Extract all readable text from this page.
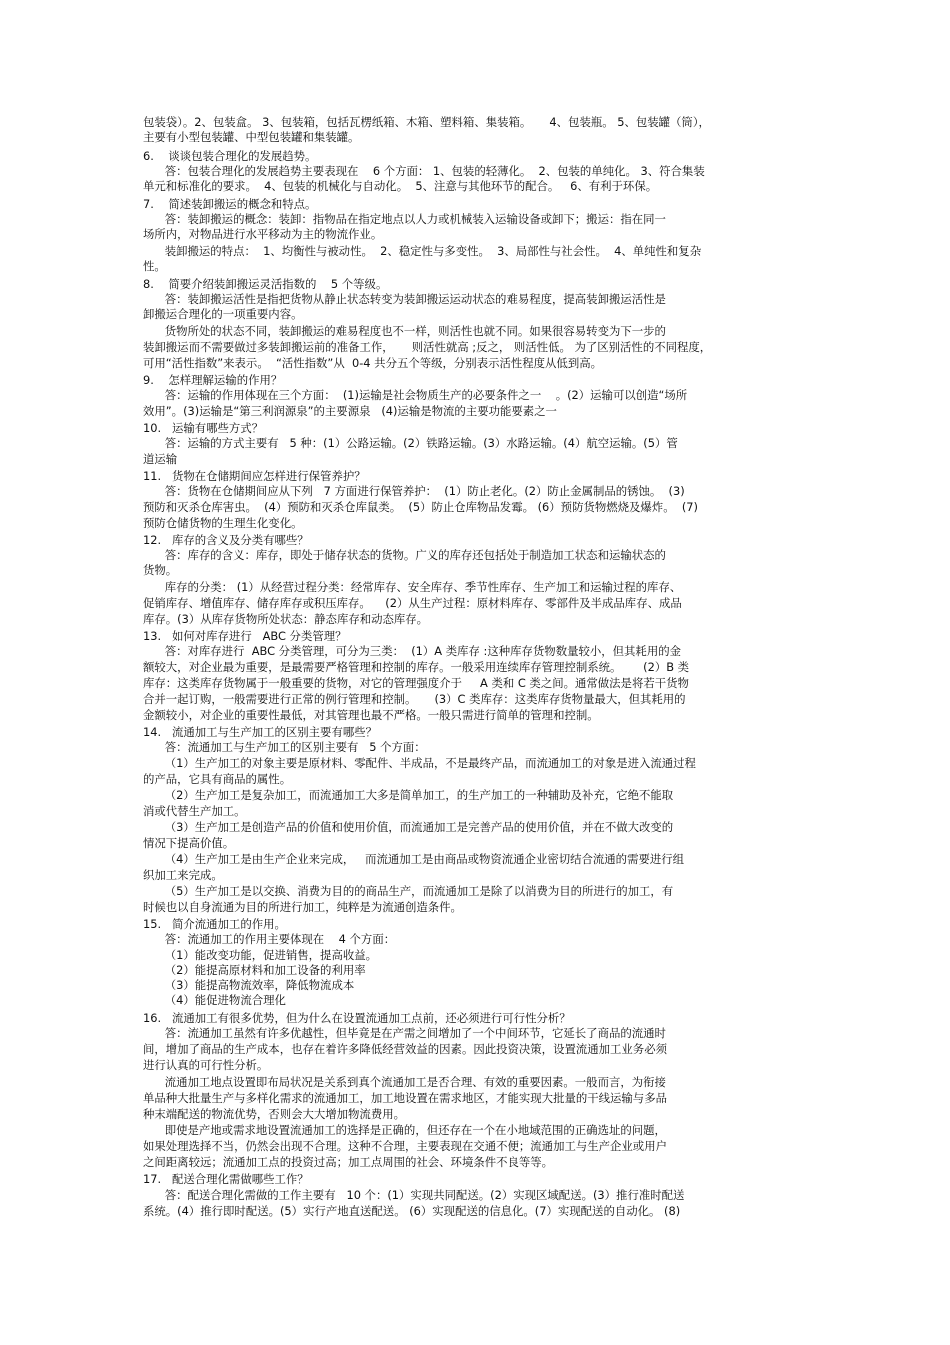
包装袋）。2、包装盒。 3、包装箱，包括瓦楞纸箱、木箱、塑料箱、集装箱。     4、包装瓶。 5、包装罐（筒），
主要有小型包装罐、中型包装罐和集装罐。
6.    谈谈包装合理化的发展趋势。
答：包装合理化的发展趋势主要表现在    6 个方面： 1、包装的轻薄化。  2、包装的单纯化。 3、符合集装
单元和标准化的要求。  4、包装的机械化与自动化。  5、注意与其他环节的配合。   6、有利于环保。
7.    简述装卸搬运的概念和特点。
答：装卸搬运的概念：装卸：指物品在指定地点以人力或机械装入运输设备或卸下；搬运：指在同一
场所内，对物品进行水平移动为主的物流作业。
装卸搬运的特点：  1、均衡性与被动性。  2、稳定性与多变性。  3、局部性与社会性。  4、单纯性和复杂
性。
8.    简要介绍装卸搬运灵活指数的    5 个等级。
答：装卸搬运活性是指把货物从静止状态转变为装卸搬运运动状态的难易程度，提高装卸搬运活性是
卸搬运合理化的一项重要内容。
货物所处的状态不同，装卸搬运的难易程度也不一样，则活性也就不同。如果很容易转变为下一步的
装卸搬运而不需要做过多装卸搬运前的准备工作，     则活性就高 ;反之， 则活性低。 为了区别活性的不同程度，
可用“活性指数”来表示。  “活性指数”从  0-4 共分五个等级，分别表示活性程度从低到高。
9.    怎样理解运输的作用？
答：运输的作用体现在三个方面：  (1)运输是社会物质生产的必要条件之一    。(2）运输可以创造“场所
效用”。(3)运输是“第三利润源泉”的主要源泉   (4)运输是物流的主要功能要素之一
10.   运输有哪些方式？
答：运输的方式主要有   5 种：(1）公路运输。(2）铁路运输。(3）水路运输。(4）航空运输。(5）管
道运输
11.   货物在仓储期间应怎样进行保管养护？
答：货物在仓储期间应从下列   7 方面进行保管养护：  (1）防止老化。(2）防止金属制品的锈蚀。  (3)
预防和灭杀仓库害虫。  (4）预防和灭杀仓库鼠类。  (5）防止仓库物品发霉。 (6）预防货物燃烧及爆炸。  (7)
预防仓储货物的生理生化变化。
12.   库存的含义及分类有哪些？
答：库存的含义：库存，即处于储存状态的货物。广义的库存还包括处于制造加工状态和运输状态的
货物。
库存的分类： (1）从经营过程分类：经常库存、安全库存、季节性库存、生产加工和运输过程的库存、
促销库存、增值库存、储存库存或积压库存。    (2）从生产过程：原材料库存、零部件及半成品库存、成品
库存。(3）从库存货物所处状态：静态库存和动态库存。
13.   如何对库存进行   ABC 分类管理？
答：对库存进行  ABC 分类管理，可分为三类：  (1）A 类库存 :这种库存货物数量较小，但其耗用的金
额较大，对企业最为重要，是最需要严格管理和控制的库存。一般采用连续库存管理控制系统。      (2）B 类
库存：这类库存货物属于一般重要的货物，对它的管理强度介于     A 类和 C 类之间。通常做法是将若干货物
合并一起订购，一般需要进行正常的例行管理和控制。     (3）C 类库存：这类库存货物量最大，但其耗用的
金额较小，对企业的重要性最低，对其管理也最不严格。一般只需进行简单的管理和控制。
14.   流通加工与生产加工的区别主要有哪些？
答：流通加工与生产加工的区别主要有   5 个方面：
（1）生产加工的对象主要是原材料、零配件、半成品，不是最终产品，而流通加工的对象是进入流通过程
的产品，它具有商品的属性。
（2）生产加工是复杂加工，而流通加工大多是简单加工，的生产加工的一种辅助及补充，它绝不能取
消或代替生产加工。
（3）生产加工是创造产品的价值和使用价值，而流通加工是完善产品的使用价值，并在不做大改变的
情况下提高价值。
（4）生产加工是由生产企业来完成，   而流通加工是由商品或物资流通企业密切结合流通的需要进行组
织加工来完成。
（5）生产加工是以交换、消费为目的的商品生产，而流通加工是除了以消费为目的所进行的加工，有
时候也以自身流通为目的所进行加工，纯粹是为流通创造条件。
15.   简介流通加工的作用。
答：流通加工的作用主要体现在    4 个方面：
（1）能改变功能，促进销售，提高收益。
（2）能提高原材料和加工设备的利用率
（3）能提高物流效率，降低物流成本
（4）能促进物流合理化
16.   流通加工有很多优势，但为什么在设置流通加工点前，还必须进行可行性分析？
答：流通加工虽然有许多优越性，但毕竟是在产需之间增加了一个中间环节，它延长了商品的流通时
间，增加了商品的生产成本，也存在着许多降低经营效益的因素。因此投资决策，设置流通加工业务必须
进行认真的可行性分析。
流通加工地点设置即布局状况是关系到真个流通加工是否合理、有效的重要因素。一般而言，为衔接
单品种大批量生产与多样化需求的流通加工，加工地设置在需求地区，才能实现大批量的干线运输与多品
种末端配送的物流优势，否则会大大增加物流费用。
即使是产地或需求地设置流通加工的选择是正确的，但还存在一个在小地域范围的正确选址的问题，
如果处理选择不当，仍然会出现不合理。这种不合理，主要表现在交通不便；流通加工与生产企业或用户
之间距离较远；流通加工点的投资过高；加工点周围的社会、环境条件不良等等。
17.   配送合理化需做哪些工作？
答：配送合理化需做的工作主要有   10 个：(1）实现共同配送。(2）实现区域配送。(3）推行准时配送
系统。(4）推行即时配送。(5）实行产地直送配送。 (6）实现配送的信息化。(7）实现配送的自动化。 (8)
